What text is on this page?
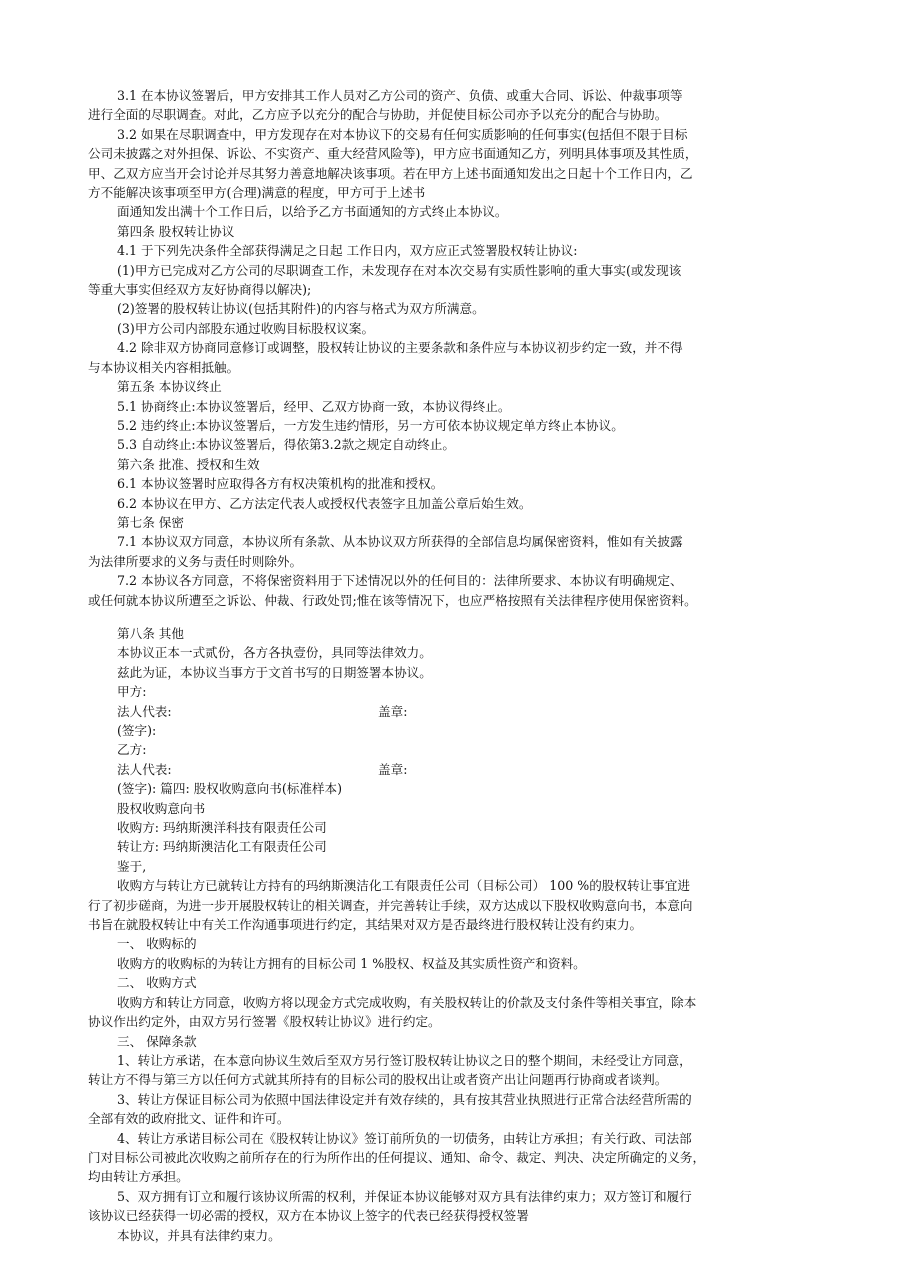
3.1 在本协议签署后，甲方安排其工作人员对乙方公司的资产、负债、或重大合同、诉讼、仲裁事项等
进行全面的尽职调查。对此，乙方应予以充分的配合与协助，并促使目标公司亦予以充分的配合与协助。
3.2 如果在尽职调查中，甲方发现存在对本协议下的交易有任何实质影响的任何事实(包括但不限于目标
公司未披露之对外担保、诉讼、不实资产、重大经营风险等)，甲方应书面通知乙方，列明具体事项及其性质，
甲、乙双方应当开会讨论并尽其努力善意地解决该事项。若在甲方上述书面通知发出之日起十个工作日内，乙
方不能解决该事项至甲方(合理)满意的程度，甲方可于上述书
面通知发出满十个工作日后，以给予乙方书面通知的方式终止本协议。
第四条 股权转让协议
4.1 于下列先决条件全部获得满足之日起 工作日内，双方应正式签署股权转让协议:
(1)甲方已完成对乙方公司的尽职调查工作，未发现存在对本次交易有实质性影响的重大事实(或发现该
等重大事实但经双方友好协商得以解决);
(2)签署的股权转让协议(包括其附件)的内容与格式为双方所满意。
(3)甲方公司内部股东通过收购目标股权议案。
4.2 除非双方协商同意修订或调整，股权转让协议的主要条款和条件应与本协议初步约定一致，并不得
与本协议相关内容相抵触。
第五条 本协议终止
5.1 协商终止:本协议签署后，经甲、乙双方协商一致，本协议得终止。
5.2 违约终止:本协议签署后，一方发生违约情形，另一方可依本协议规定单方终止本协议。
5.3 自动终止:本协议签署后，得依第3.2款之规定自动终止。
第六条 批准、授权和生效
6.1 本协议签署时应取得各方有权决策机构的批准和授权。
6.2 本协议在甲方、乙方法定代表人或授权代表签字且加盖公章后始生效。
第七条 保密
7.1 本协议双方同意，本协议所有条款、从本协议双方所获得的全部信息均属保密资料，惟如有关披露
为法律所要求的义务与责任时则除外。
7.2 本协议各方同意，不将保密资料用于下述情况以外的任何目的：法律所要求、本协议有明确规定、
或任何就本协议所遭至之诉讼、仲裁、行政处罚;惟在该等情况下，也应严格按照有关法律程序使用保密资料。
第八条 其他
本协议正本一式贰份，各方各执壹份，具同等法律效力。
兹此为证，本协议当事方于文首书写的日期签署本协议。
甲方:
法人代表:	盖章:
(签字):
乙方:
法人代表:	盖章:
(签字): 篇四: 股权收购意向书(标准样本)
股权收购意向书
收购方: 玛纳斯澳洋科技有限责任公司
转让方: 玛纳斯澳洁化工有限责任公司
鉴于,
收购方与转让方已就转让方持有的玛纳斯澳洁化工有限责任公司（目标公司） 100 %的股权转让事宜进
行了初步磋商，为进一步开展股权转让的相关调查，并完善转让手续，双方达成以下股权收购意向书，本意向
书旨在就股权转让中有关工作沟通事项进行约定，其结果对双方是否最终进行股权转让没有约束力。
一、 收购标的
收购方的收购标的为转让方拥有的目标公司 1 %股权、权益及其实质性资产和资料。
二、 收购方式
收购方和转让方同意，收购方将以现金方式完成收购，有关股权转让的价款及支付条件等相关事宜，除本
协议作出约定外，由双方另行签署《股权转让协议》进行约定。
三、 保障条款
1、转让方承诺，在本意向协议生效后至双方另行签订股权转让协议之日的整个期间，未经受让方同意，
转让方不得与第三方以任何方式就其所持有的目标公司的股权出让或者资产出让问题再行协商或者谈判。
3、转让方保证目标公司为依照中国法律设定并有效存续的，具有按其营业执照进行正常合法经营所需的
全部有效的政府批文、证件和许可。
4、转让方承诺目标公司在《股权转让协议》签订前所负的一切债务，由转让方承担；有关行政、司法部
门对目标公司被此次收购之前所存在的行为所作出的任何提议、通知、命令、裁定、判决、决定所确定的义务，
均由转让方承担。
5、双方拥有订立和履行该协议所需的权利，并保证本协议能够对双方具有法律约束力；双方签订和履行
该协议已经获得一切必需的授权，双方在本协议上签字的代表已经获得授权签署
本协议，并具有法律约束力。
